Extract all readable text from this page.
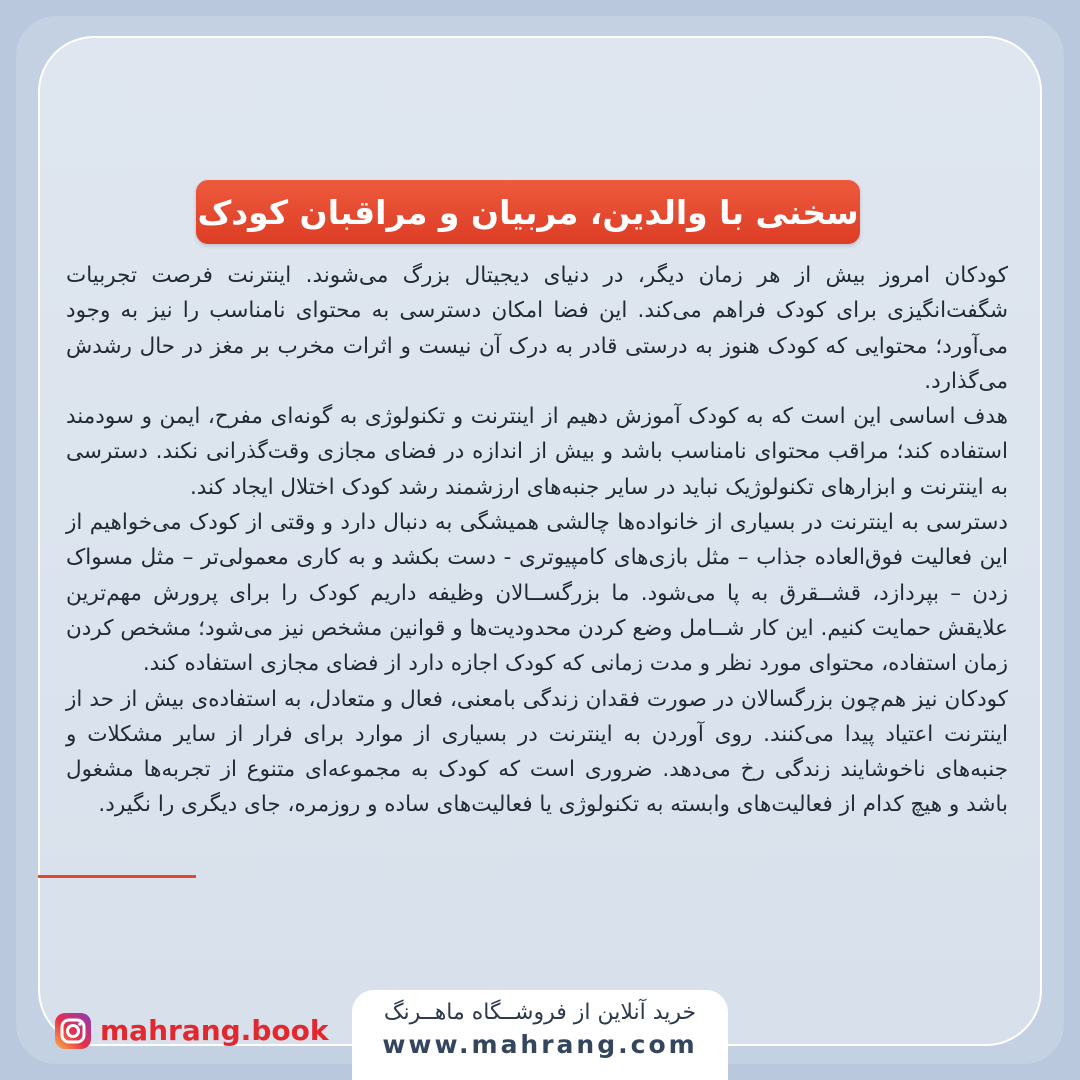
سخنی با والدین، مربیان و مراقبان کودک

کودکان امروز بیش از هر زمان دیگر، در دنیای دیجیتال بزرگ می‌شوند. اینترنت فرصت تجربیات شگفت‌انگیزی برای کودک فراهم می‌کند. این فضا امکان دسترسی به محتوای نامناسب را نیز به وجود می‌آورد؛ محتوایی که کودک هنوز به درستی قادر به درک آن نیست و اثرات مخرب بر مغز در حال رشدش می‌گذارد.

هدف اساسی این است که به کودک آموزش دهیم از اینترنت و تکنولوژی به گونه‌ای مفرح، ایمن و سودمند استفاده کند؛ مراقب محتوای نامناسب باشد و بیش از اندازه در فضای مجازی وقت‌گذرانی نکند. دسترسی به اینترنت و ابزارهای تکنولوژیک نباید در سایر جنبه‌های ارزشمند رشد کودک اختلال ایجاد کند.

دسترسی به اینترنت در بسیاری از خانواده‌ها چالشی همیشگی به دنبال دارد و وقتی از کودک می‌خواهیم از این فعالیت فوق‌العاده جذاب – مثل بازی‌های کامپیوتری - دست بکشد و به کاری معمولی‌تر – مثل مسواک زدن – بپردازد، قشــقرق به پا می‌شود. ما بزرگســالان وظیفه داریم کودک را برای پرورش مهم‌ترین علایقش حمایت کنیم. این کار شــامل وضع کردن محدودیت‌ها و قوانین مشخص نیز می‌شود؛ مشخص کردن زمان استفاده، محتوای مورد نظر و مدت زمانی که کودک اجازه دارد از فضای مجازی استفاده کند.

کودکان نیز هم‌چون بزرگسالان در صورت فقدان زندگی بامعنی، فعال و متعادل، به استفاده‌ی بیش از حد از اینترنت اعتیاد پیدا می‌کنند. روی آوردن به اینترنت در بسیاری از موارد برای فرار از سایر مشکلات و جنبه‌های ناخوشایند زندگی رخ می‌دهد. ضروری است که کودک به مجموعه‌ای متنوع از تجربه‌ها مشغول باشد و هیچ کدام از فعالیت‌های وابسته به تکنولوژی یا فعالیت‌های ساده و روزمره، جای دیگری را نگیرد.

خرید آنلاین از فروشــگاه ماهــرنگ
www.mahrang.com
mahrang.book
